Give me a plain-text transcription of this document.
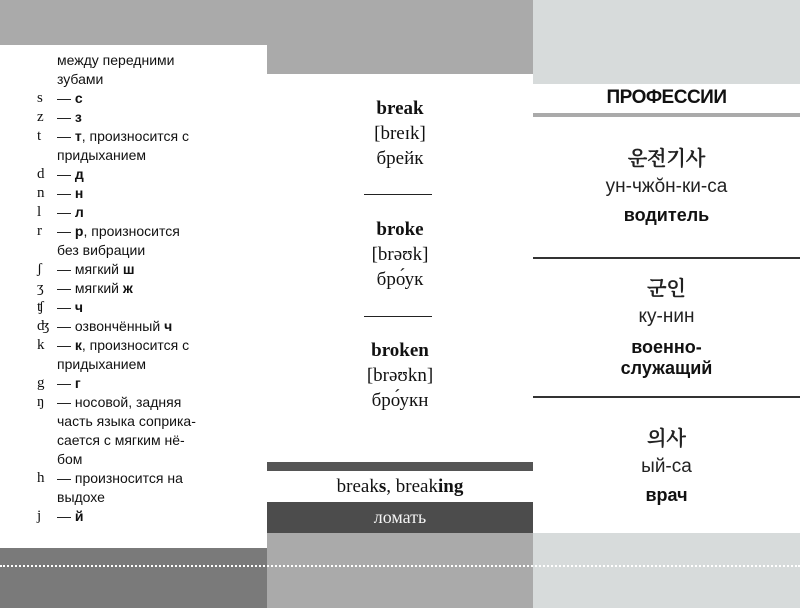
между передними
зубами
s — с
z — з
t — т, произносится с
придыханием
d — д
n — н
l — л
r — р, произносится
без вибрации
ʃ — мягкий ш
ʒ — мягкий ж
ʧ — ч
ʤ — озвончённый ч
k — к, произносится с
придыханием
g — г
ŋ — носовой, задняя
часть языка соприка-
сается с мягким нё-
бом
h — произносится на
выдохе
j — й
break
[breɪk]
брейк
broke
[brəʊk]
бро́ук
broken
[brəʊkn]
бро́укн
breaks, breaking
ломать
ПРОФЕССИИ
운전기사
ун-чжŏн-ки-са
водитель
군인
ку-нин
военно-
служащий
의사
ый-са
врач
